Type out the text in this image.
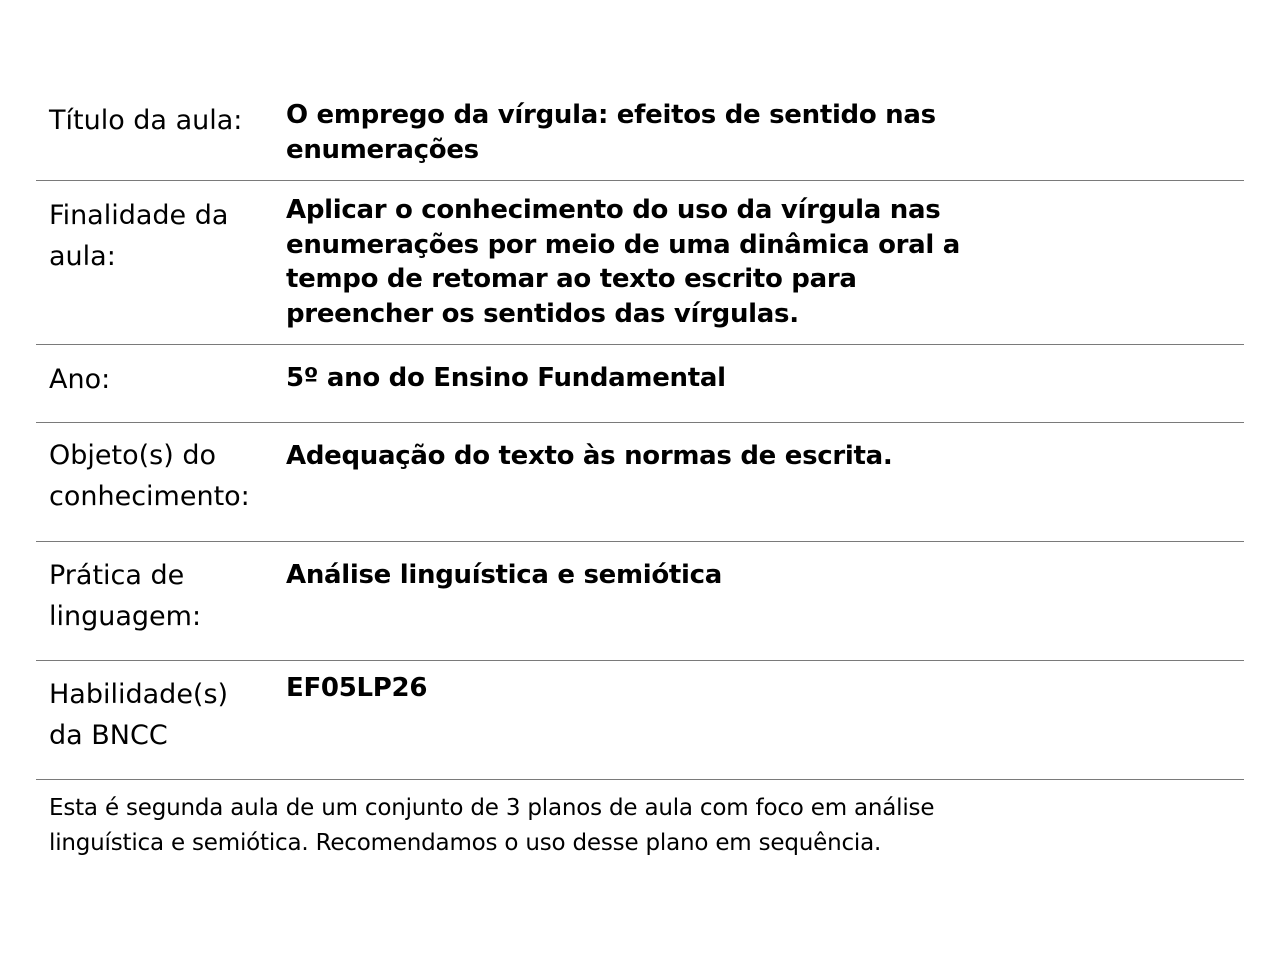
Título da aula:	O emprego da vírgula: efeitos de sentido nas
enumerações
Finalidade da
aula:
Aplicar o conhecimento do uso da vírgula nas
enumerações por meio de uma dinâmica oral a
tempo de retomar ao texto escrito para
preencher os sentidos das vírgulas.
Ano:	5º ano do Ensino Fundamental
Objeto(s) do
conhecimento:
Adequação do texto às normas de escrita.
Prática de
linguagem:
Análise linguística e semiótica
Habilidade(s)
da BNCC
EF05LP26
Esta é segunda aula de um conjunto de 3 planos de aula com foco em análise
linguística e semiótica. Recomendamos o uso desse plano em sequência.
